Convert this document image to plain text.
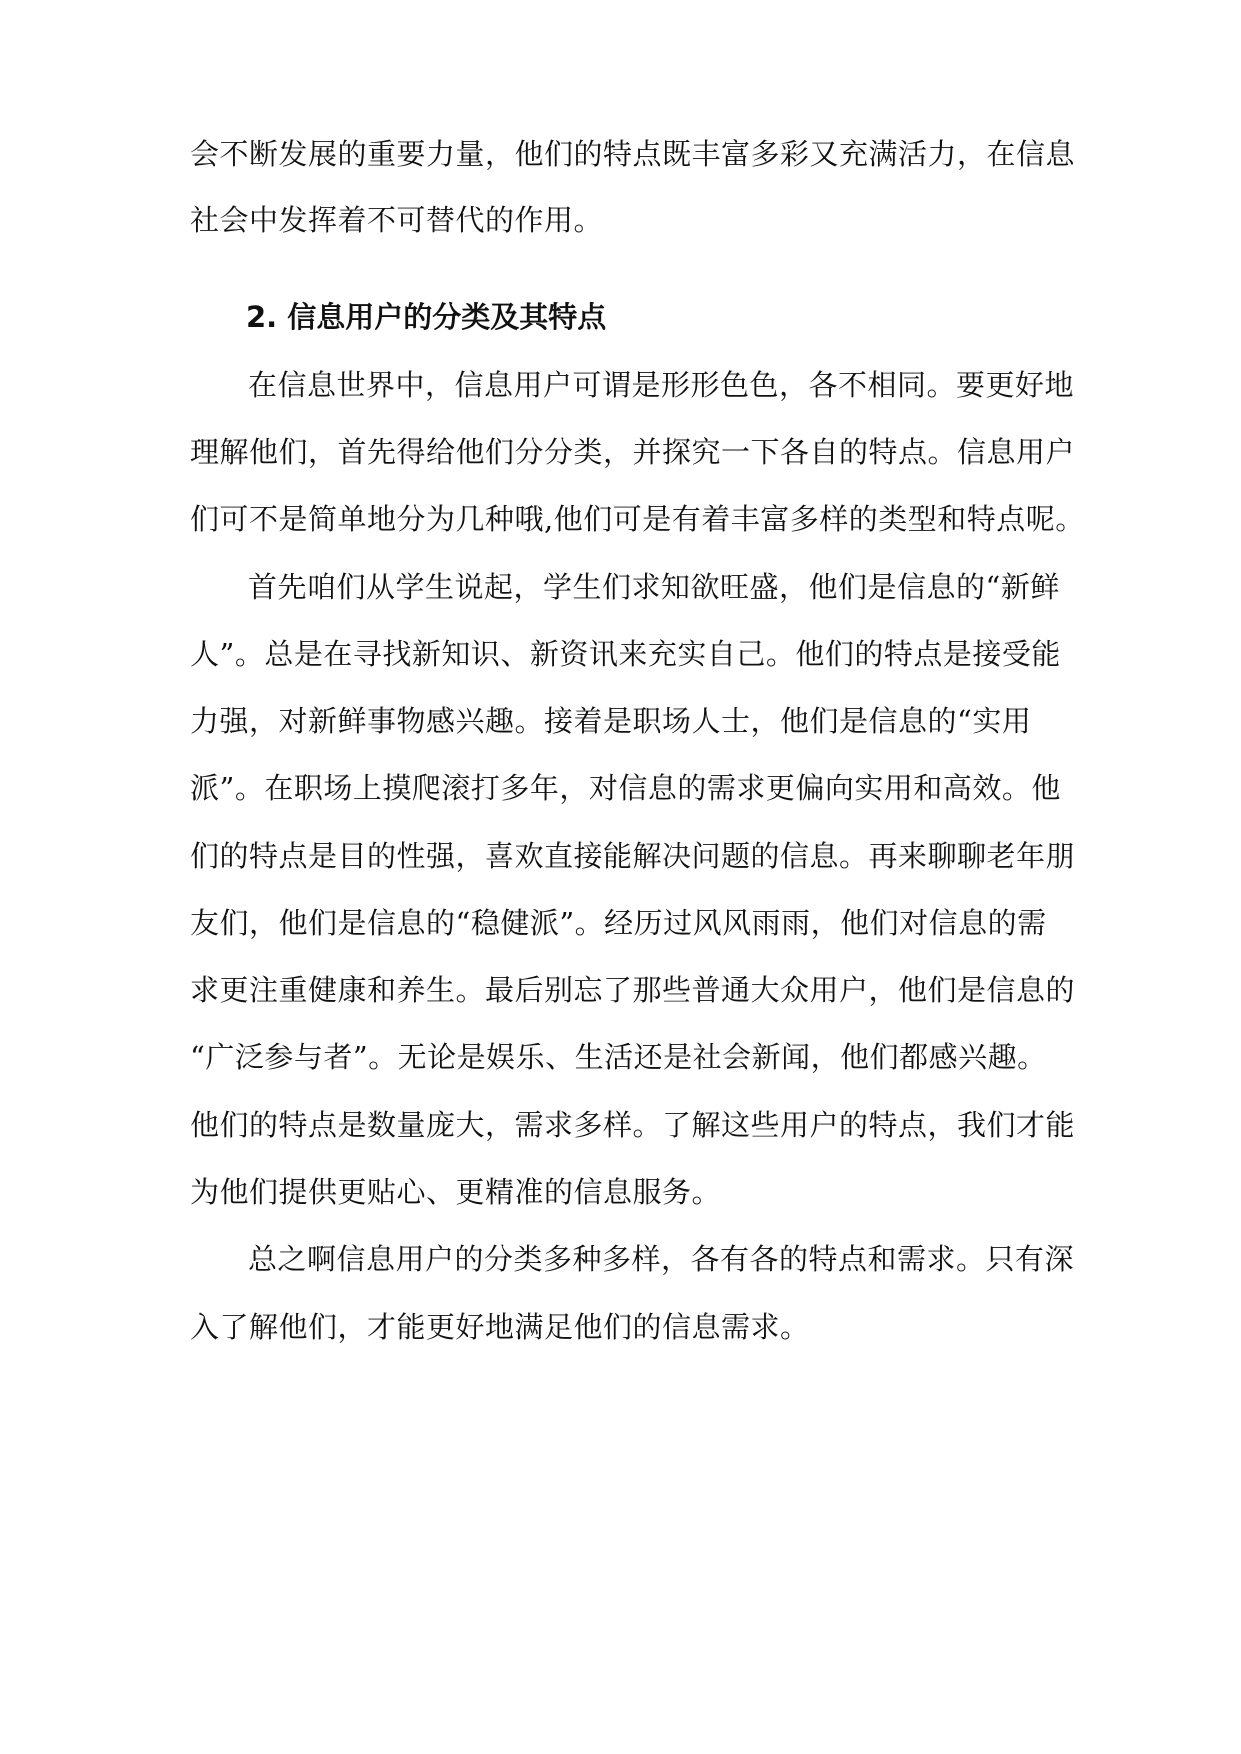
会不断发展的重要力量，他们的特点既丰富多彩又充满活力，在信息
社会中发挥着不可替代的作用。
2. 信息用户的分类及其特点
在信息世界中，信息用户可谓是形形色色，各不相同。要更好地
理解他们，首先得给他们分分类，并探究一下各自的特点。信息用户
们可不是简单地分为几种哦,他们可是有着丰富多样的类型和特点呢。
首先咱们从学生说起，学生们求知欲旺盛，他们是信息的“新鲜
人”。总是在寻找新知识、新资讯来充实自己。他们的特点是接受能
力强，对新鲜事物感兴趣。接着是职场人士，他们是信息的“实用
派”。在职场上摸爬滚打多年，对信息的需求更偏向实用和高效。他
们的特点是目的性强，喜欢直接能解决问题的信息。再来聊聊老年朋
友们，他们是信息的“稳健派”。经历过风风雨雨，他们对信息的需
求更注重健康和养生。最后别忘了那些普通大众用户，他们是信息的
“广泛参与者”。无论是娱乐、生活还是社会新闻，他们都感兴趣。
他们的特点是数量庞大，需求多样。了解这些用户的特点，我们才能
为他们提供更贴心、更精准的信息服务。
总之啊信息用户的分类多种多样，各有各的特点和需求。只有深
入了解他们，才能更好地满足他们的信息需求。
